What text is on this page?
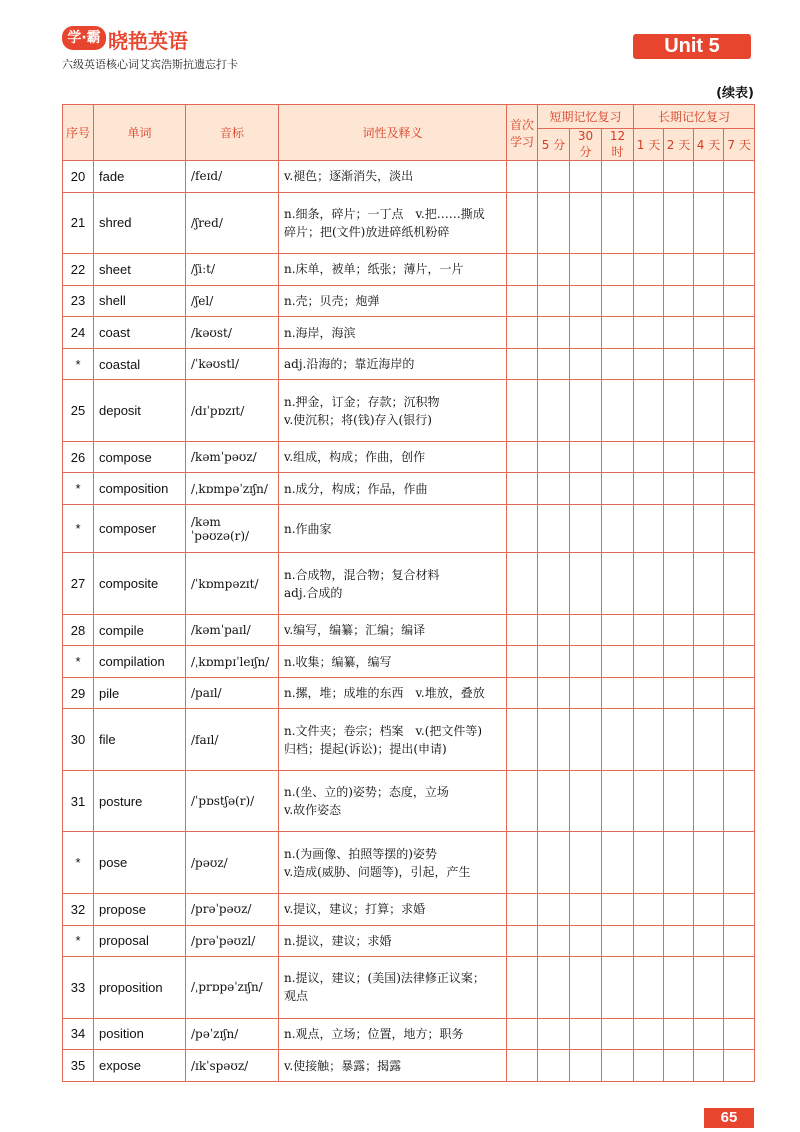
学·霸 晓艳英语
六级英语核心词艾宾浩斯抗遗忘打卡
Unit 5
(续表)
序号	单词	音标	词性及释义	首次学习	短期记忆复习			长期记忆复习			
					5 分	30 分	12 时	1 天	2 天	4 天	7 天
20	fade	/feɪd/	v.褪色；逐渐消失，淡出								

21	shred	/ʃred/	n.细条，碎片；一丁点　v.把……撕成
碎片；把(文件)放进碎纸机粉碎								

22	sheet	/ʃiːt/	n.床单，被单；纸张；薄片，一片								

23	shell	/ʃel/	n.壳；贝壳；炮弹								

24	coast	/kəʊst/	n.海岸，海滨								

*	coastal	/ˈkəʊstl/	adj.沿海的；靠近海岸的								

25	deposit	/dɪˈpɒzɪt/	n.押金，订金；存款；沉积物
v.使沉积；将(钱)存入(银行)								

26	compose	/kəmˈpəʊz/	v.组成，构成；作曲，创作								

*	composition	/ˌkɒmpəˈzɪʃn/	n.成分，构成；作品，作曲								

*	composer	/kəmˈpəʊzə(r)/	n.作曲家								

27	composite	/ˈkɒmpəzɪt/	n.合成物，混合物；复合材料
adj.合成的								

28	compile	/kəmˈpaɪl/	v.编写，编纂；汇编；编译								

*	compilation	/ˌkɒmpɪˈleɪʃn/	n.收集；编纂，编写								

29	pile	/paɪl/	n.摞，堆；成堆的东西　v.堆放，叠放								

30	file	/faɪl/	n.文件夹；卷宗；档案　v.(把文件等)
归档；提起(诉讼)；提出(申请)								

31	posture	/ˈpɒstʃə(r)/	n.(坐、立的)姿势；态度，立场
v.故作姿态								

*	pose	/pəʊz/	n.(为画像、拍照等摆的)姿势
v.造成(威胁、问题等)，引起，产生								

32	propose	/prəˈpəʊz/	v.提议，建议；打算；求婚								

*	proposal	/prəˈpəʊzl/	n.提议，建议；求婚								

33	proposition	/ˌprɒpəˈzɪʃn/	n.提议，建议；(美国)法律修正议案；
观点								

34	position	/pəˈzɪʃn/	n.观点，立场；位置，地方；职务								

35	expose	/ɪkˈspəʊz/	v.使接触；暴露；揭露								

65
